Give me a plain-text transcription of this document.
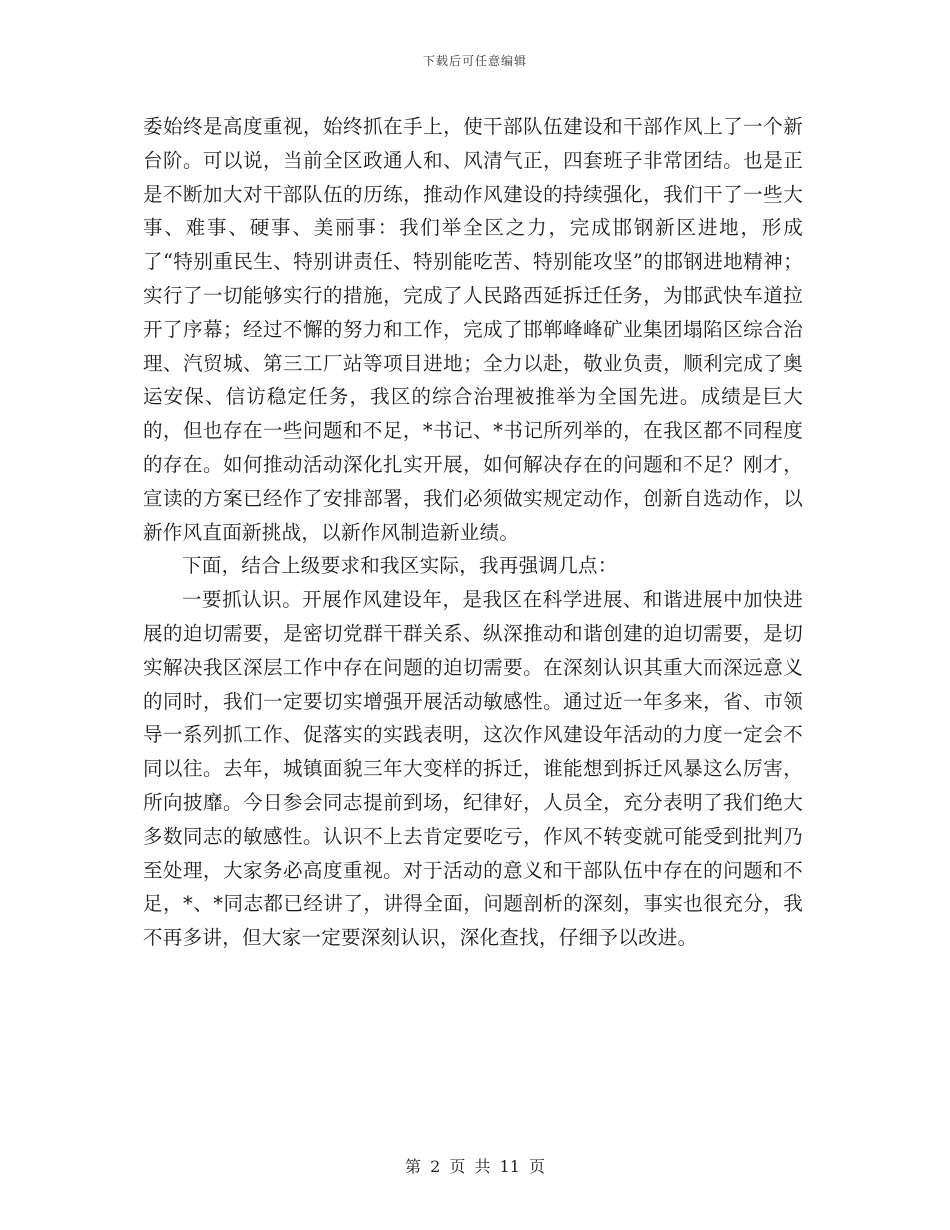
下载后可任意编辑

委始终是高度重视，始终抓在手上，使干部队伍建设和干部作风上了一个新台阶。可以说，当前全区政通人和、风清气正，四套班子非常团结。也是正是不断加大对干部队伍的历练，推动作风建设的持续强化，我们干了一些大事、难事、硬事、美丽事：我们举全区之力，完成邯钢新区进地，形成了“特别重民生、特别讲责任、特别能吃苦、特别能攻坚”的邯钢进地精神；实行了一切能够实行的措施，完成了人民路西延拆迁任务，为邯武快车道拉开了序幕；经过不懈的努力和工作，完成了邯郸峰峰矿业集团塌陷区综合治理、汽贸城、第三工厂站等项目进地；全力以赴，敬业负责，顺利完成了奥运安保、信访稳定任务，我区的综合治理被推举为全国先进。成绩是巨大的，但也存在一些问题和不足，*书记、*书记所列举的，在我区都不同程度的存在。如何推动活动深化扎实开展，如何解决存在的问题和不足？刚才，宣读的方案已经作了安排部署，我们必须做实规定动作，创新自选动作，以新作风直面新挑战，以新作风制造新业绩。

下面，结合上级要求和我区实际，我再强调几点：

一要抓认识。开展作风建设年，是我区在科学进展、和谐进展中加快进展的迫切需要，是密切党群干群关系、纵深推动和谐创建的迫切需要，是切实解决我区深层工作中存在问题的迫切需要。在深刻认识其重大而深远意义的同时，我们一定要切实增强开展活动敏感性。通过近一年多来，省、市领导一系列抓工作、促落实的实践表明，这次作风建设年活动的力度一定会不同以往。去年，城镇面貌三年大变样的拆迁，谁能想到拆迁风暴这么厉害，所向披靡。今日参会同志提前到场，纪律好，人员全，充分表明了我们绝大多数同志的敏感性。认识不上去肯定要吃亏，作风不转变就可能受到批判乃至处理，大家务必高度重视。对于活动的意义和干部队伍中存在的问题和不足，*、*同志都已经讲了，讲得全面，问题剖析的深刻，事实也很充分，我不再多讲，但大家一定要深刻认识，深化查找，仔细予以改进。

第 2 页 共 11 页
